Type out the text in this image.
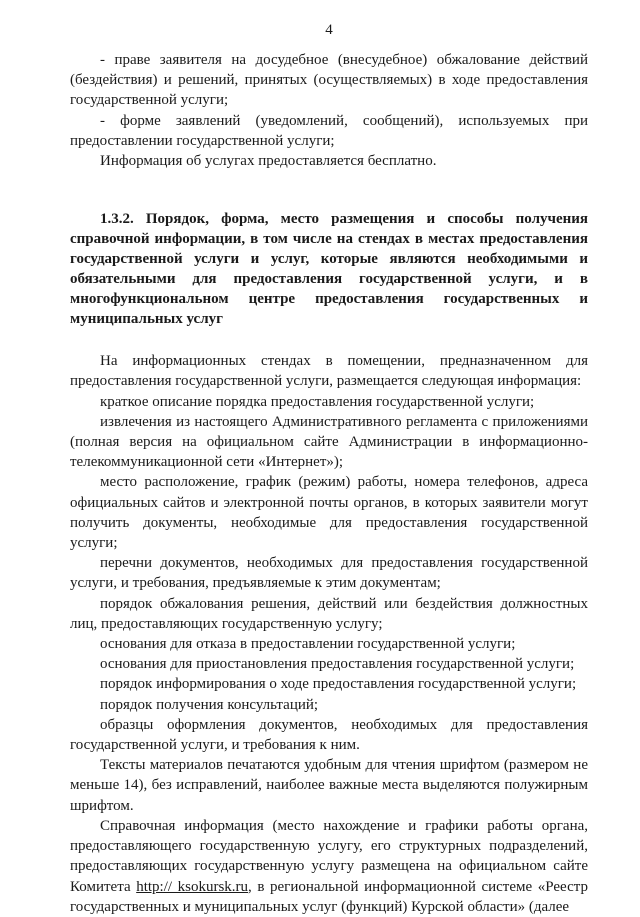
4

- праве заявителя на досудебное (внесудебное) обжалование действий (бездействия) и решений, принятых (осуществляемых) в ходе предоставления государственной услуги;

- форме заявлений (уведомлений, сообщений), используемых при предоставлении государственной услуги;

Информация об услугах предоставляется бесплатно.

1.3.2. Порядок, форма, место размещения и способы получения справочной информации, в том числе на стендах в местах предоставления государственной услуги и услуг, которые являются необходимыми и обязательными для предоставления государственной услуги, и в многофункциональном центре предоставления государственных и муниципальных услуг

На информационных стендах в помещении, предназначенном для предоставления государственной услуги, размещается следующая информация:

краткое описание порядка предоставления государственной услуги;

извлечения из настоящего Административного регламента с приложениями (полная версия на официальном сайте Администрации в информационно-телекоммуникационной сети «Интернет»);

место расположение, график (режим) работы, номера телефонов, адреса официальных сайтов и электронной почты органов, в которых заявители могут получить документы, необходимые для предоставления государственной услуги;

перечни документов, необходимых для предоставления государственной услуги, и требования, предъявляемые к этим документам;

порядок обжалования решения, действий или бездействия должностных лиц, предоставляющих государственную услугу;

основания для отказа в предоставлении государственной услуги;

основания для приостановления предоставления государственной услуги;

порядок информирования о ходе предоставления государственной услуги;

порядок получения консультаций;

образцы оформления документов, необходимых для предоставления государственной услуги, и требования к ним.

Тексты материалов печатаются удобным для чтения шрифтом (размером не меньше 14), без исправлений, наиболее важные места выделяются полужирным шрифтом.

Справочная информация (место нахождение и графики работы органа, предоставляющего государственную услугу, его структурных подразделений, предоставляющих государственную услугу размещена на официальном сайте Комитета http:// ksokursk.ru, в региональной информационной системе «Реестр государственных и муниципальных услуг (функций) Курской области» (далее
